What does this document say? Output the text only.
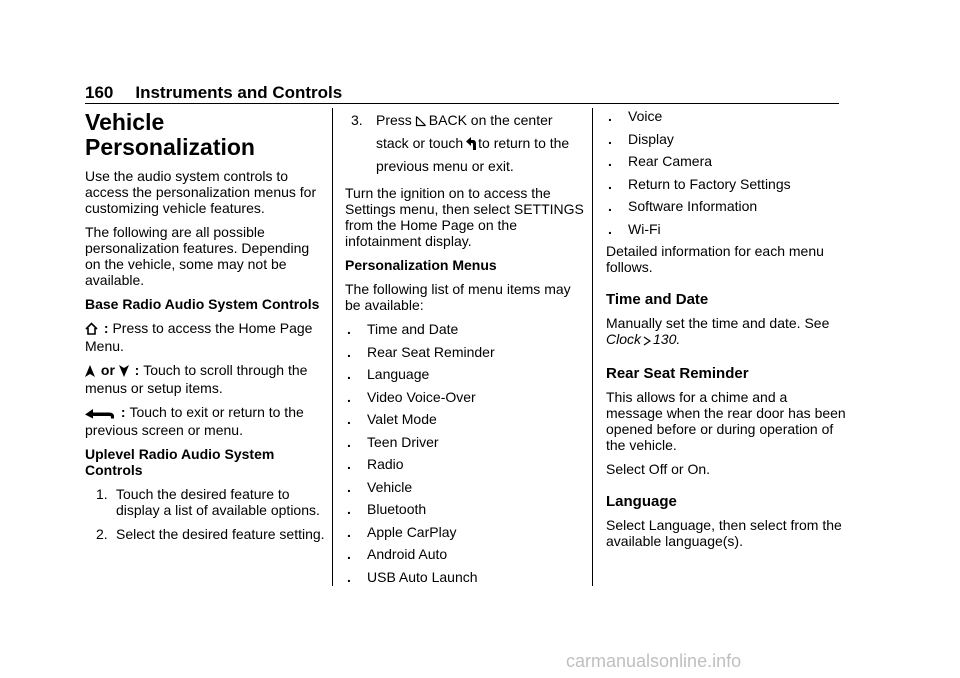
160 Instruments and Controls
Vehicle
Personalization

Use the audio system controls to access the personalization menus for customizing vehicle features.

The following are all possible personalization features. Depending on the vehicle, some may not be available.

Base Radio Audio System Controls

: Press to access the Home Page Menu.

or  : Touch to scroll through the menus or setup items.

: Touch to exit or return to the previous screen or menu.

Uplevel Radio Audio System Controls

1. Touch the desired feature to display a list of available options.
2. Select the desired feature setting.
3. Press BACK on the center stack or touch to return to the previous menu or exit.

Turn the ignition on to access the Settings menu, then select SETTINGS from the Home Page on the infotainment display.

Personalization Menus

The following list of menu items may be available:

. Time and Date
. Rear Seat Reminder
. Language
. Video Voice-Over
. Valet Mode
. Teen Driver
. Radio
. Vehicle
. Bluetooth
. Apple CarPlay
. Android Auto
. USB Auto Launch
. Voice
. Display
. Rear Camera
. Return to Factory Settings
. Software Information
. Wi-Fi

Detailed information for each menu follows.

Time and Date

Manually set the time and date. See Clock 130.

Rear Seat Reminder

This allows for a chime and a message when the rear door has been opened before or during operation of the vehicle.

Select Off or On.

Language

Select Language, then select from the available language(s).

carmanualsonline.info
